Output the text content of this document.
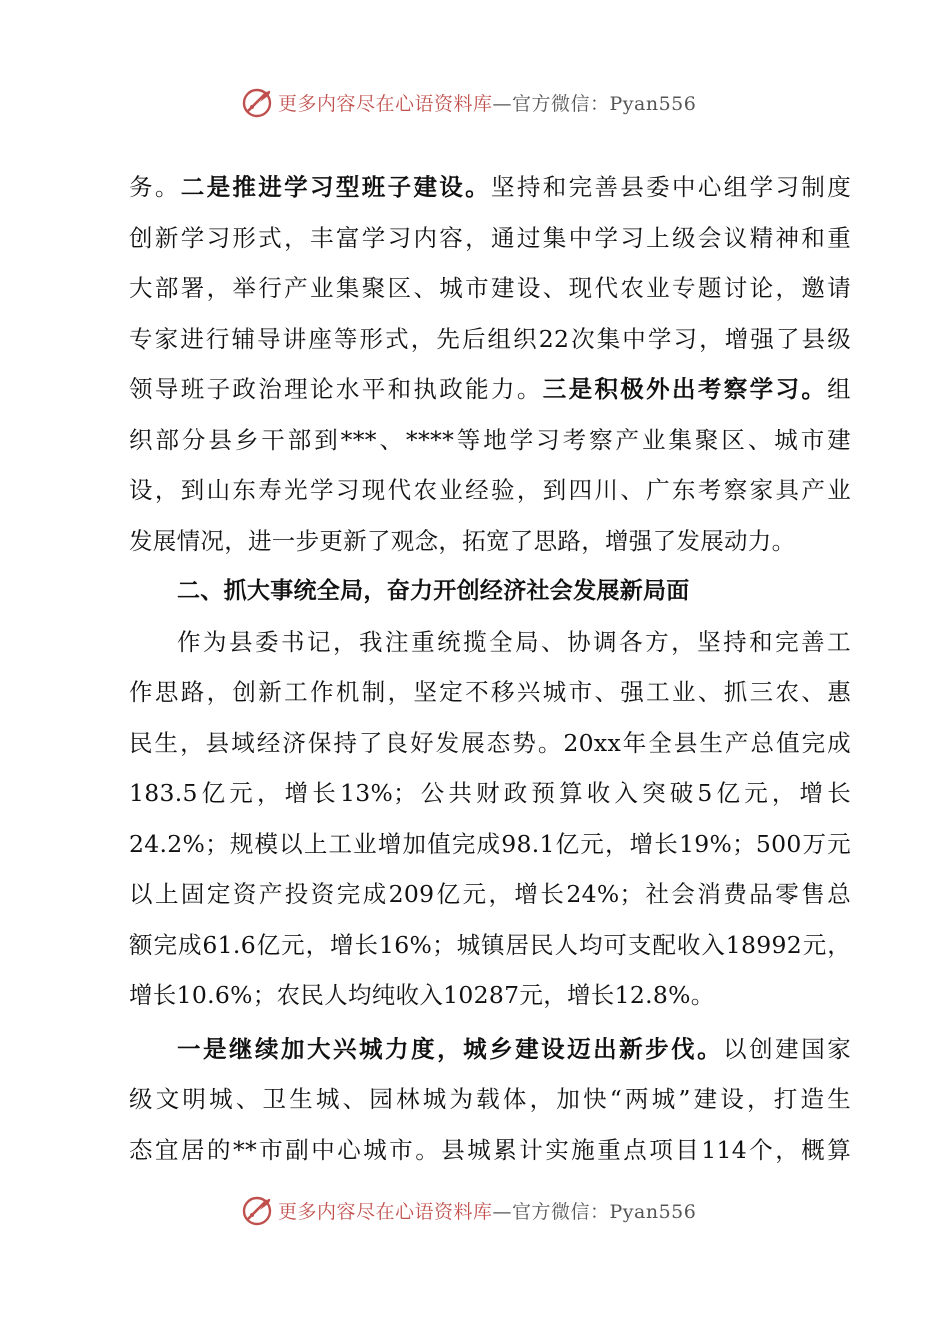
更多内容尽在心语资料库—官方微信：Pyan556
务。二是推进学习型班子建设。坚持和完善县委中心组学习制度
创新学习形式，丰富学习内容，通过集中学习上级会议精神和重
大部署，举行产业集聚区、城市建设、现代农业专题讨论，邀请
专家进行辅导讲座等形式，先后组织22次集中学习，增强了县级
领导班子政治理论水平和执政能力。三是积极外出考察学习。组
织部分县乡干部到***、****等地学习考察产业集聚区、城市建
设，到山东寿光学习现代农业经验，到四川、广东考察家具产业
发展情况，进一步更新了观念，拓宽了思路，增强了发展动力。
二、抓大事统全局，奋力开创经济社会发展新局面
作为县委书记，我注重统揽全局、协调各方，坚持和完善工
作思路，创新工作机制，坚定不移兴城市、强工业、抓三农、惠
民生，县域经济保持了良好发展态势。20xx年全县生产总值完成
183.5亿元，增长13%；公共财政预算收入突破5亿元，增长
24.2%；规模以上工业增加值完成98.1亿元，增长19%；500万元
以上固定资产投资完成209亿元，增长24%；社会消费品零售总
额完成61.6亿元，增长16%；城镇居民人均可支配收入18992元，
增长10.6%；农民人均纯收入10287元，增长12.8%。
一是继续加大兴城力度，城乡建设迈出新步伐。以创建国家
级文明城、卫生城、园林城为载体，加快“两城”建设，打造生
态宜居的**市副中心城市。县城累计实施重点项目114个，概算
更多内容尽在心语资料库—官方微信：Pyan556
